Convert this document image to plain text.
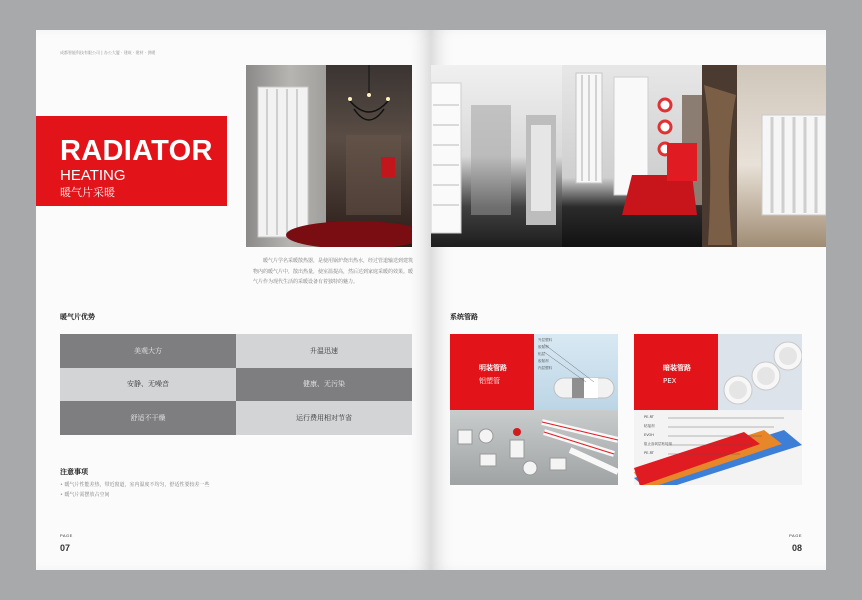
成都智能科技有限公司 | 办公大厦 · 建筑 · 建材 · 供暖
RADIATOR
HEATING
暖气片采暖

暖气片学名采暖散热器，是使用锅炉烧出热水，经过管道输送到建筑物内的暖气片中，散出热量，使室温提高，然后达到家庭采暖的效果。暖气片作为现代生活的采暖设备有着独特的魅力。

暖气片优势
美观大方	升温迅速
安静、无噪音	健康、无污染
舒适不干燥	运行费用相对节省
注意事项
• 暖气片性能差热，带近窗道，室内温度不均匀，舒适性要较差一些
• 暖气片需摆放占空间
PAGE
07
系统管路
明装管路
铝塑管
外层塑料
胶黏剂
铝层
胶黏剂
内层塑料	暗装管路
PEX
PE-RT
粘接剂
EVOH
阻止渗氧层粘接剂
PE-RT
PAGE
08
